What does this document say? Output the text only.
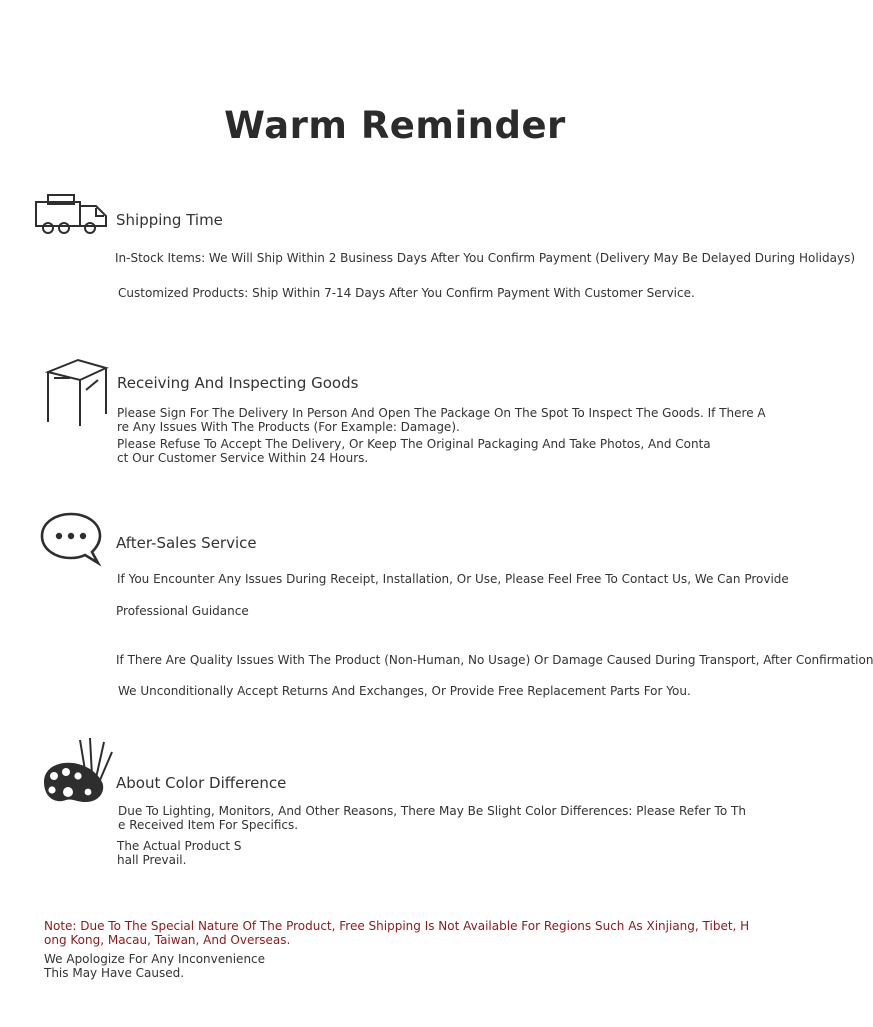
Warm Reminder
Shipping Time
In-Stock Items: We Will Ship Within 2 Business Days After You Confirm Payment (Delivery May Be Delayed During Holidays)
Customized Products: Ship Within 7-14 Days After You Confirm Payment With Customer Service.
Receiving And Inspecting Goods
Please Sign For The Delivery In Person And Open The Package On The Spot To Inspect The Goods. If There Are Any Issues With The Products (For Example: Damage).
Please Refuse To Accept The Delivery, Or Keep The Original Packaging And Take Photos, And Contact Our Customer Service Within 24 Hours.
After-Sales Service
If You Encounter Any Issues During Receipt, Installation, Or Use, Please Feel Free To Contact Us, We Can Provide
Professional Guidance
If There Are Quality Issues With The Product (Non-Human, No Usage) Or Damage Caused During Transport, After Confirmation
We Unconditionally Accept Returns And Exchanges, Or Provide Free Replacement Parts For You.
About Color Difference
Due To Lighting, Monitors, And Other Reasons, There May Be Slight Color Differences: Please Refer To The Received Item For Specifics.
The Actual Product Shall Prevail.
Note: Due To The Special Nature Of The Product, Free Shipping Is Not Available For Regions Such As Xinjiang, Tibet, Hong Kong, Macau, Taiwan, And Overseas.
We Apologize For Any Inconvenience This May Have Caused.
